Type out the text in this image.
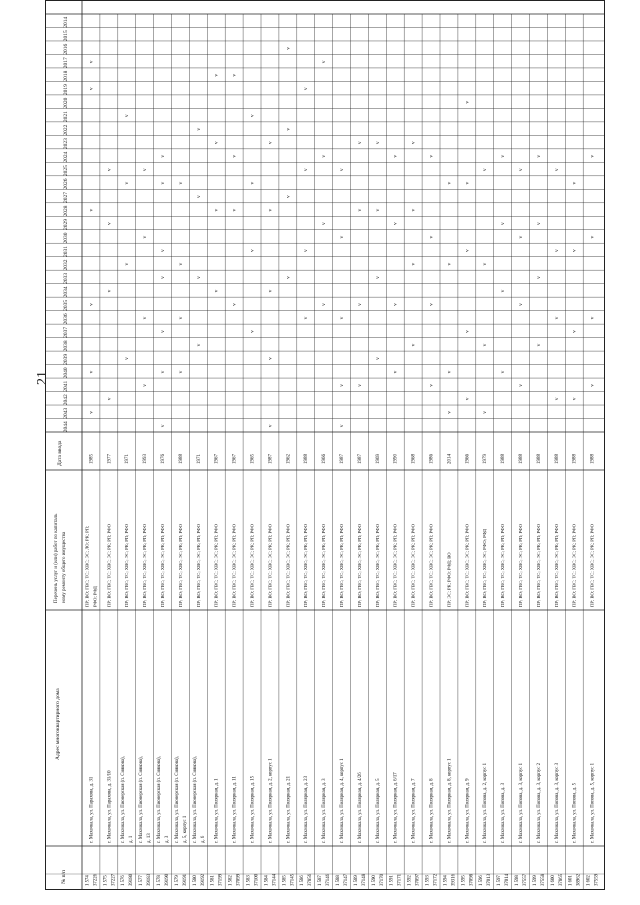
21
№ п/п
Адрес многоквартирного дома
Перечень услуг и (или) работ по капиталь ному ремонту общего имущества
Дата ввода
2014
2015
2016
2017
2018
2019
2020
2021
2022
2023
2024
2025
2026
2027
2028
2029
2030
2031
2032
2033
2034
2035
2036
2037
2038
2039
2040
2041
2042
2043
2044
1 574 37226
г. Махачкала, ул. Парахова, д. 31
ПР; ВО; ГВС; ТС; ХВС; ЭС; ЛО; РК; РП; РФО; РФД
1985
v
v
v
v
v
v
1 575 37227
г. Махачкала, ул. Парахова, д. 31/10
ПР; ВО; ГВС; ТС; ХВС; ЭС; РК; РП; РФО
1977
v
v
v
v
1 576 39180
г. Махачкала, ул. Пионерская (п. Сиякова), д. 1
ПР; ВО; ГВС; ТС; ХВС; ЭС; РК; РП; РФО
1971
v
v
v
v
1 577 39183
г. Махачкала, ул. Пионерская (п. Сиякова), д. 13
ПР; ВО; ГВС; ТС; ХВС; ЭС; РК; РП; РФО
1993
v
v
v
v
1 578 39190
г. Махачкала, ул. Пионерская (п. Сиякова), д. 3
ПР; ВО; ГВС; ТС; ХВС; ЭС; РК; РП; РФО
1976
v
v
v
v
v
v
v
1 579 39191
г. Махачкала, ул. Пионерская (п. Сиякова), д. 5, корпус 1
ПР; ВО; ГВС; ТС; ХВС; ЭС; РК; РП; РФО
1988
v
v
v
v
1 580 39192
г. Махачкала, ул. Пионерская (п. Сиякова), д. 6
ПР; ВО; ГВС; ТС; ХВС; ЭС; РК; РП; РФО
1971
v
v
v
v
1 581 37199
г. Махачкала, ул. Полярная, д. 1
ПР; ВО; ГВС; ТС; ХВС; ЭС; РК; РП; РФО
1967
v
v
v
v
1 582 37099
г. Махачкала, ул. Полярная, д. 11
ПР; ВО; ГВС; ТС; ХВС; ЭС; РК; РП; РФО
1967
v
v
v
v
1 583 37100
г. Махачкала, ул. Полярная, д. 15
ПР; ВО; ГВС; ТС; ХВС; ЭС; РК; РП; РФО
1965
v
v
v
v
1 584 37144
г. Махачкала, ул. Полярная, д. 2, корпус 1
ПР; ВО; ГВС; ТС; ХВС; ЭС; РК; РП; РФО
1987
v
v
v
v
v
1 585 37145
г. Махачкала, ул. Полярная, д. 21
ПР; ВО; ГВС; ТС; ХВС; ЭС; РК; РП; РФО
1962
v
v
v
v
1 586 37856
г. Махачкала, ул. Полярная, д. 23
ПР; ВО; ГВС; ТС; ХВС; ЭС; РК; РП; РФО
1988
v
v
v
v
1 587 37146
г. Махачкала, ул. Полярная, д. 3
ПР; ВО; ГВС; ТС; ХВС; ЭС; РК; РП; РФО
1966
v
v
v
v
1 588 37147
г. Махачкала, ул. Полярная, д. 4, корпус 1
ПР; ВО; ГВС; ТС; ХВС; ЭС; РК; РП; РФО
1987
v
v
v
v
v
1 589 37148
г. Махачкала, ул. Полярная, д. 4/26
ПР; ВО; ГВС; ТС; ХВС; ЭС; РК; РП; РФО
1987
v
v
v
v
1 590 37170
г. Махачкала, ул. Полярная, д. 5
ПР; ВО; ГВС; ТС; ХВС; ЭС; РК; РП; РФО
1969
v
v
v
v
1 591 37171
г. Махачкала, ул. Полярная, д. 6/17
ПР; ВО; ГВС; ТС; ХВС; ЭС; РК; РП; РФО
1990
v
v
v
v
1 592 37097
г. Махачкала, ул. Полярная, д. 7
ПР; ВО; ГВС; ТС; ХВС; ЭС; РК; РП; РФО
1968
v
v
v
v
1 593 37172
г. Махачкала, ул. Полярная, д. 8
ПР; ВО; ГВС; ТС; ХВС; ЭС; РК; РП; РФО
1986
v
v
v
v
1 594 39316
г. Махачкала, ул. Полярная, д. 8, корпус 1
ПР; ЭС; РК; РФО; РФД; ВО
2014
v
v
v
v
1 595 37098
г. Махачкала, ул. Полярная, д. 9
ПР; ВО; ГВС; ТС; ХВС; ЭС; РК; РП; РФО
1966
v
v
v
v
v
1 596 37013
г. Махачкала, ул. Попова, д. 2, корпус 1
ПР; ВО; ГВС; ТС; ХВС; ЭС; РФО; РФД
1979
v
v
v
v
1 597 37014
г. Махачкала, ул. Попова, д. 3
ПР; ВО; ГВС; ТС; ХВС; ЭС; РК; РП; РФО
1988
v
v
v
v
1 598 37557
г. Махачкала, ул. Попова, д. 3, корпус 1
ПР; ВО; ГВС; ТС; ХВС; ЭС; РК; РП; РФО
1988
v
v
v
v
1 599 37558
г. Махачкала, ул. Попова, д. 3, корпус 2
ПР; ВО; ГВС; ТС; ХВС; ЭС; РК; РП; РФО
1988
v
v
v
v
1 600 37865
г. Махачкала, ул. Попова, д. 3, корпус 3
ПР; ВО; ГВС; ТС; ХВС; ЭС; РК; РП; РФО
1988
v
v
v
v
1 601 38962
г. Махачкала, ул. Попова, д. 5
ПР; ВО; ГВС; ТС; ХВС; ЭС; РК; РП; РФО
1988
v
v
v
v
1 602 37559
г. Махачкала, ул. Попова, д. 5, корпус 1
ПР; ВО; ГВС; ТС; ХВС; ЭС; РК; РП; РФО
1988
v
v
v
v
